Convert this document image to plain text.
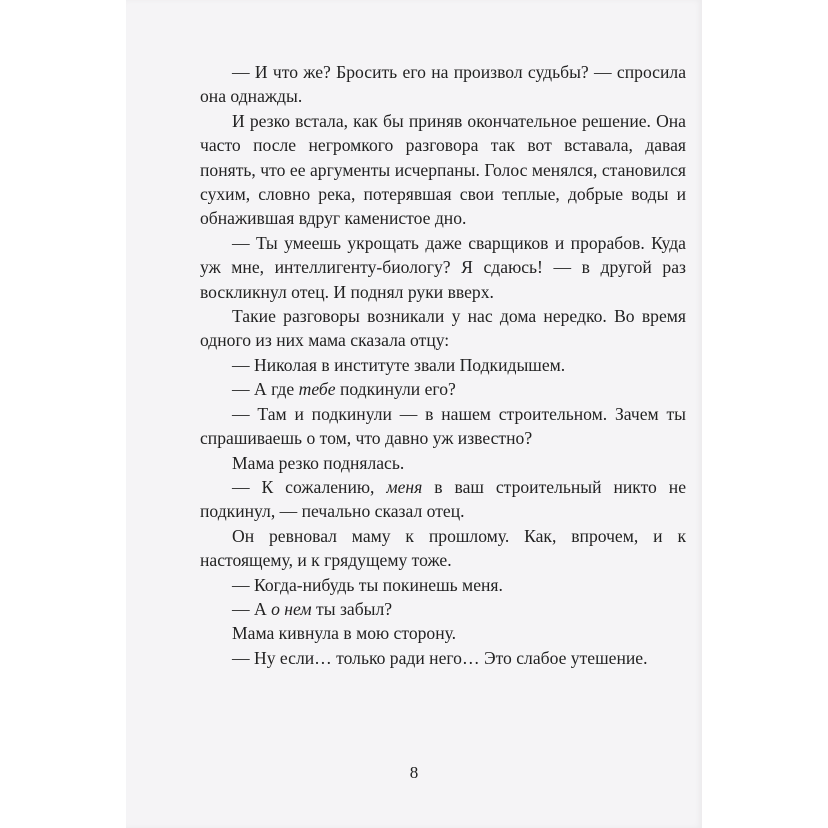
— И что же? Бросить его на произвол судьбы? — спросила она однажды.

И резко встала, как бы приняв окончательное решение. Она часто после негромкого разговора так вот вставала, давая понять, что ее аргументы исчерпаны. Голос менялся, становился сухим, словно река, потерявшая свои теплые, добрые воды и обнажившая вдруг каменистое дно.

— Ты умеешь укрощать даже сварщиков и прорабов. Куда уж мне, интеллигенту-биологу? Я сдаюсь! — в другой раз воскликнул отец. И поднял руки вверх.

Такие разговоры возникали у нас дома нередко. Во время одного из них мама сказала отцу:

— Николая в институте звали Подкидышем.

— А где тебе подкинули его?

— Там и подкинули — в нашем строительном. Зачем ты спрашиваешь о том, что давно уж известно?

Мама резко поднялась.

— К сожалению, меня в ваш строительный никто не подкинул, — печально сказал отец.

Он ревновал маму к прошлому. Как, впрочем, и к настоящему, и к грядущему тоже.

— Когда-нибудь ты покинешь меня.

— А о нем ты забыл?

Мама кивнула в мою сторону.

— Ну если… только ради него… Это слабое утешение.

8
